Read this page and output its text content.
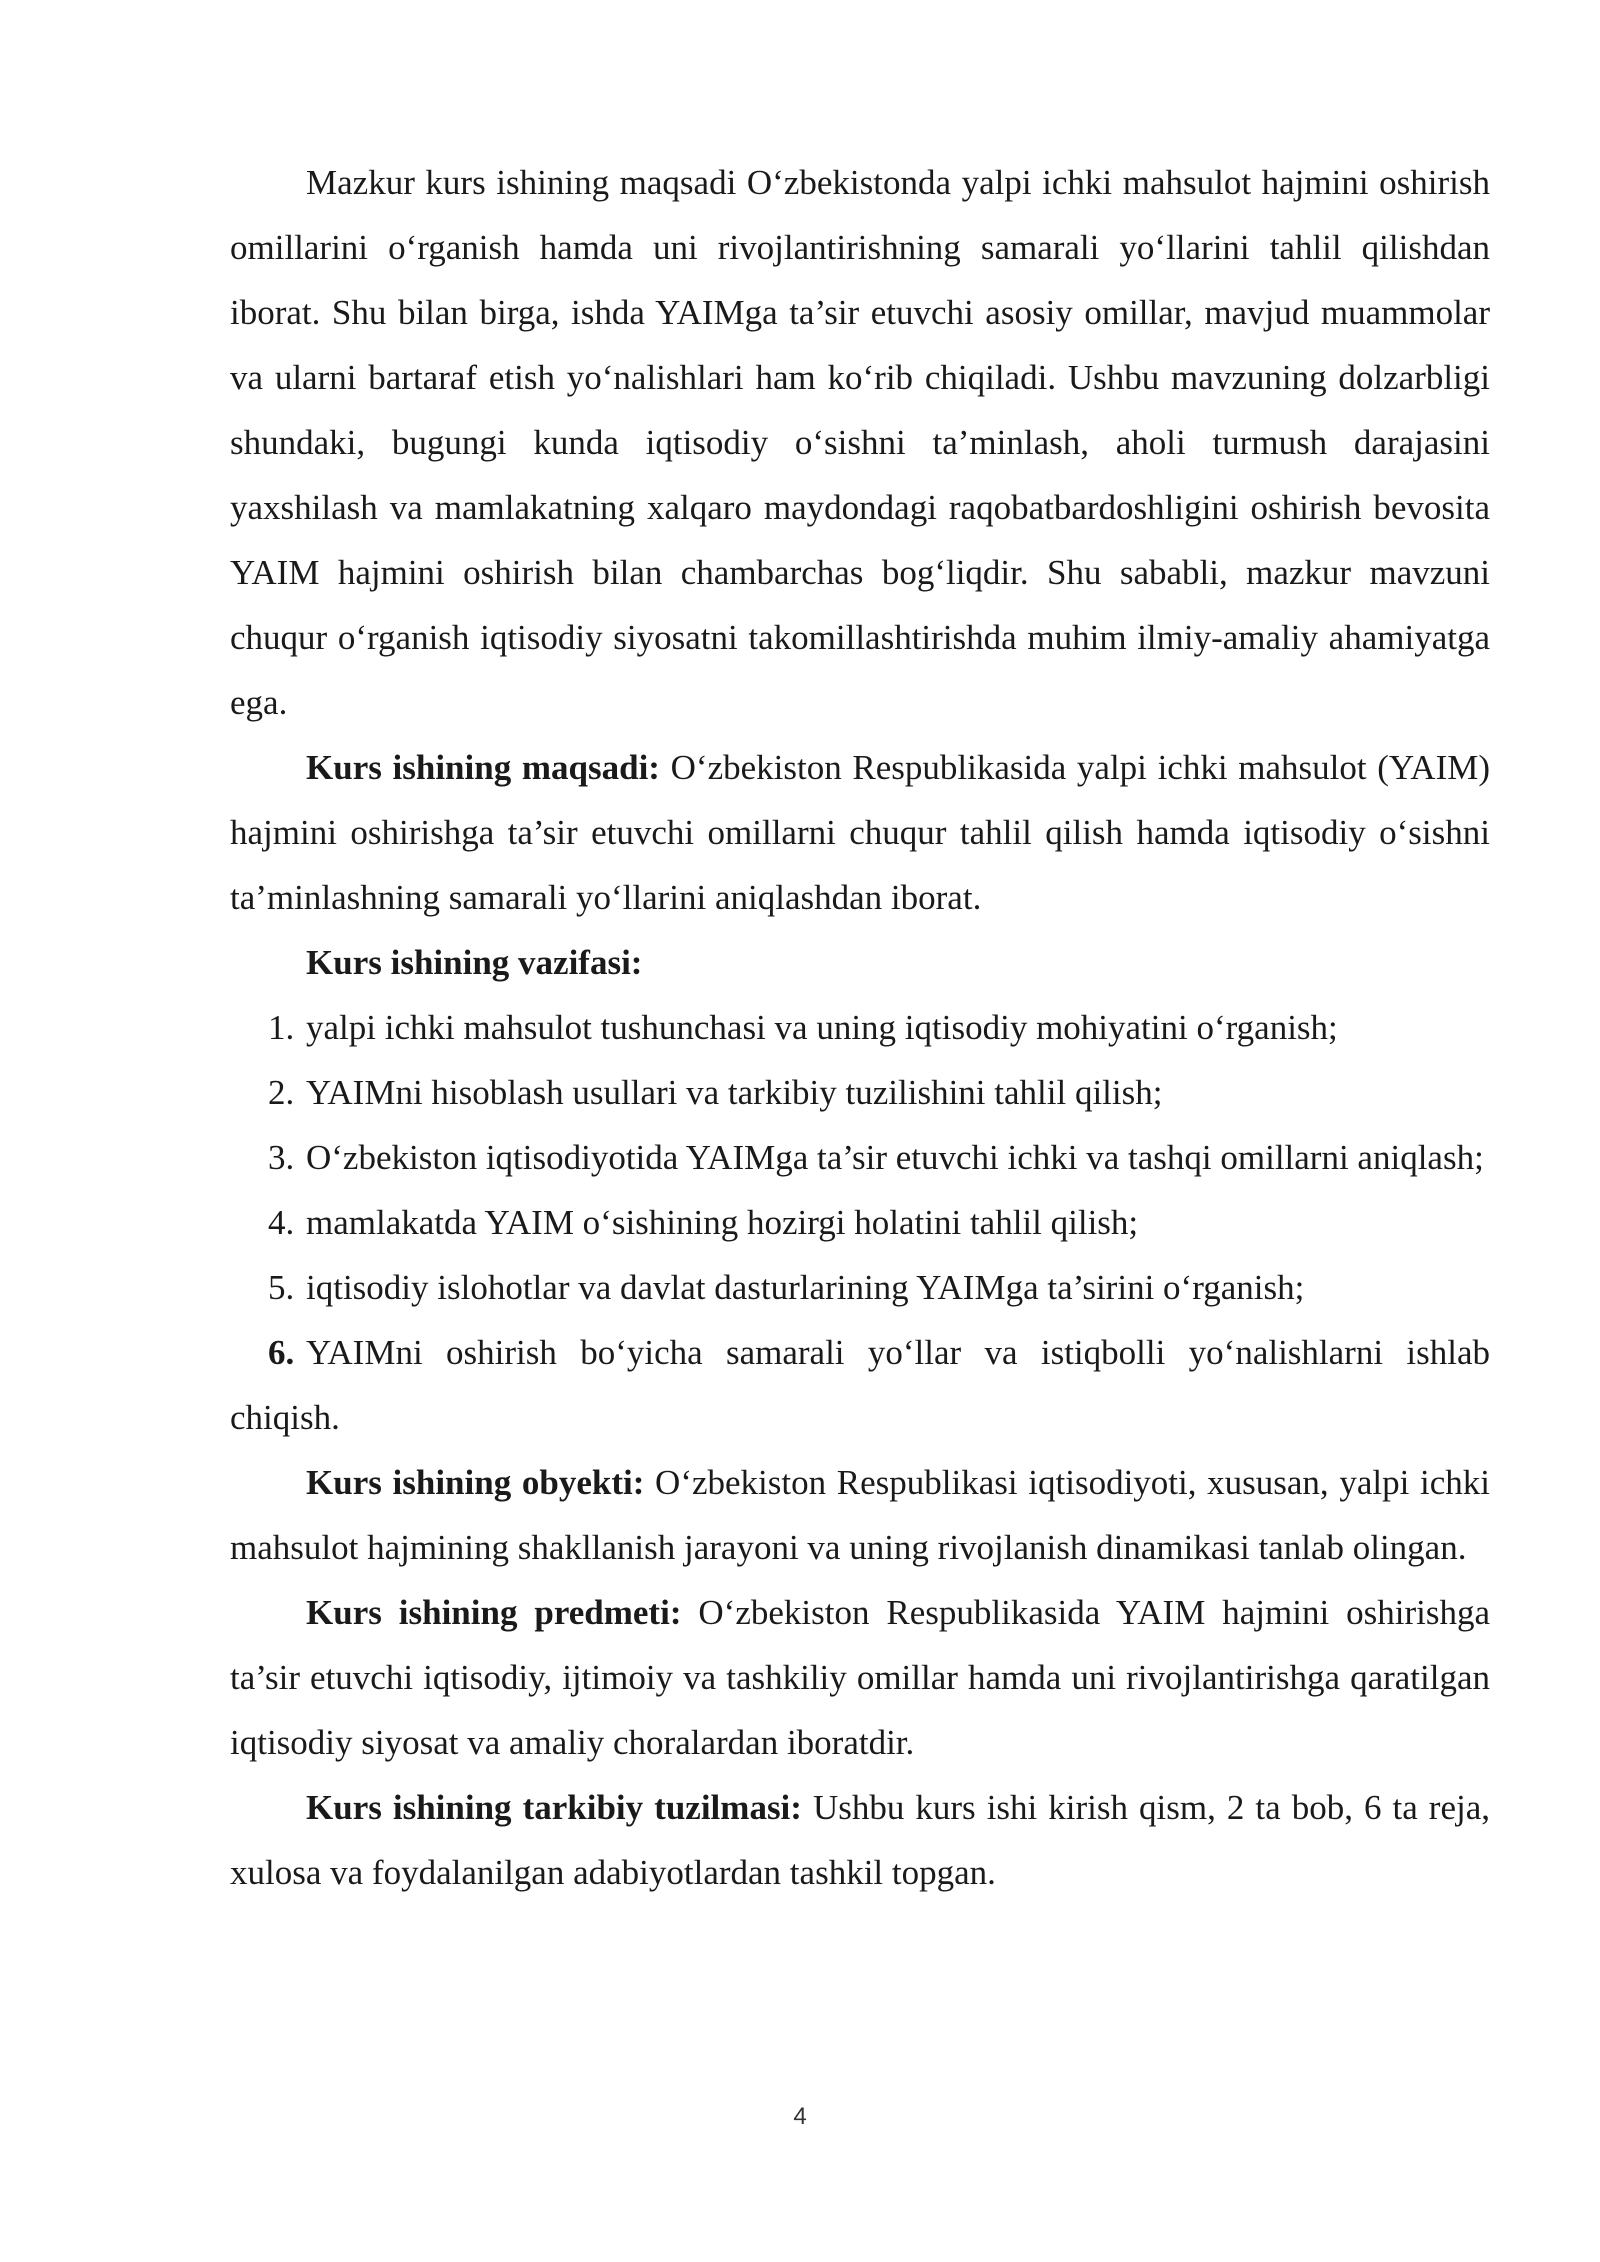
Mazkur kurs ishining maqsadi O‘zbekistonda yalpi ichki mahsulot hajmini oshirish omillarini o‘rganish hamda uni rivojlantirishning samarali yo‘llarini tahlil qilishdan iborat. Shu bilan birga, ishda YAIMga ta’sir etuvchi asosiy omillar, mavjud muammolar va ularni bartaraf etish yo‘nalishlari ham ko‘rib chiqiladi. Ushbu mavzuning dolzarbligi shundaki, bugungi kunda iqtisodiy o‘sishni ta’minlash, aholi turmush darajasini yaxshilash va mamlakatning xalqaro maydondagi raqobatbardoshligini oshirish bevosita YAIM hajmini oshirish bilan chambarchas bog‘liqdir. Shu sababli, mazkur mavzuni chuqur o‘rganish iqtisodiy siyosatni takomillashtirishda muhim ilmiy-amaliy ahamiyatga ega.

Kurs ishining maqsadi: O‘zbekiston Respublikasida yalpi ichki mahsulot (YAIM) hajmini oshirishga ta’sir etuvchi omillarni chuqur tahlil qilish hamda iqtisodiy o‘sishni ta’minlashning samarali yo‘llarini aniqlashdan iborat.

Kurs ishining vazifasi:

1. yalpi ichki mahsulot tushunchasi va uning iqtisodiy mohiyatini o‘rganish;

2. YAIMni hisoblash usullari va tarkibiy tuzilishini tahlil qilish;

3. O‘zbekiston iqtisodiyotida YAIMga ta’sir etuvchi ichki va tashqi omillarni aniqlash;

4. mamlakatda YAIM o‘sishining hozirgi holatini tahlil qilish;

5. iqtisodiy islohotlar va davlat dasturlarining YAIMga ta’sirini o‘rganish;

6. YAIMni oshirish bo‘yicha samarali yo‘llar va istiqbolli yo‘nalishlarni ishlab chiqish.

Kurs ishining obyekti: O‘zbekiston Respublikasi iqtisodiyoti, xususan, yalpi ichki mahsulot hajmining shakllanish jarayoni va uning rivojlanish dinamikasi tanlab olingan.

Kurs ishining predmeti: O‘zbekiston Respublikasida YAIM hajmini oshirishga ta’sir etuvchi iqtisodiy, ijtimoiy va tashkiliy omillar hamda uni rivojlantirishga qaratilgan iqtisodiy siyosat va amaliy choralardan iboratdir.

Kurs ishining tarkibiy tuzilmasi: Ushbu kurs ishi kirish qism, 2 ta bob, 6 ta reja, xulosa va foydalanilgan adabiyotlardan tashkil topgan.

4
